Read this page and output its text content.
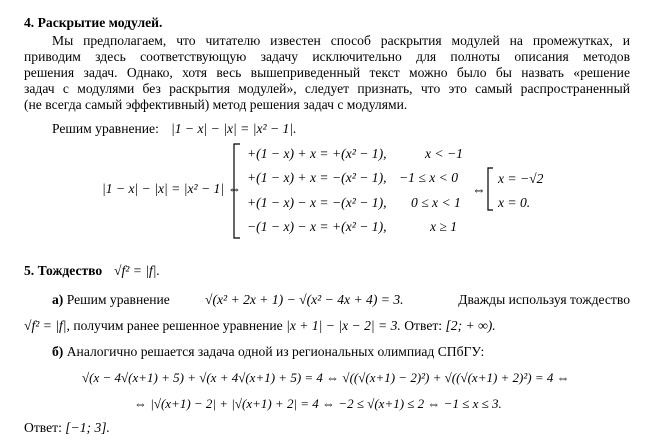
4. Раскрытие модулей.
Мы предполагаем, что читателю известен способ раскрытия модулей на промежутках, и
приводим здесь соответствующую задачу исключительно для полноты описания методов
решения задач. Однако, хотя весь вышеприведенный текст можно было бы назвать «решение
задач с модулями без раскрытия модулей», следует признать, что это самый распространенный
(не всегда самый эффективный) метод решения задач с модулями.
Решим уравнение: |1 − x| − |x| = |x² − 1|.
|1 − x| − |x| = |x² − 1| ⇔
+(1 − x) + x = +(x² − 1),	x < −1
+(1 − x) + x = −(x² − 1), −1 ≤ x < 0
+(1 − x) − x = −(x² − 1), 0 ≤ x < 1
−(1 − x) − x = +(x² − 1),	x ≥ 1
⇔
x = −√2
x = 0.
5. Тождество √f² = |f|.
а) Решим уравнение	√(x² + 2x + 1) − √(x² − 4x + 4) = 3.	Дважды используя тождество
√f² = |f|, получим ранее решенное уравнение |x + 1| − |x − 2| = 3. Ответ: [2; + ∞).
б) Аналогично решается задача одной из региональных олимпиад СПбГУ:
√(x − 4√(x+1) + 5) + √(x + 4√(x+1) + 5) = 4 ⇔ √((√(x+1) − 2)²) + √((√(x+1) + 2)²) = 4 ⇔
⇔ |√(x+1) − 2| + |√(x+1) + 2| = 4 ⇔ −2 ≤ √(x+1) ≤ 2 ⇔ −1 ≤ x ≤ 3.
Ответ: [−1; 3].
